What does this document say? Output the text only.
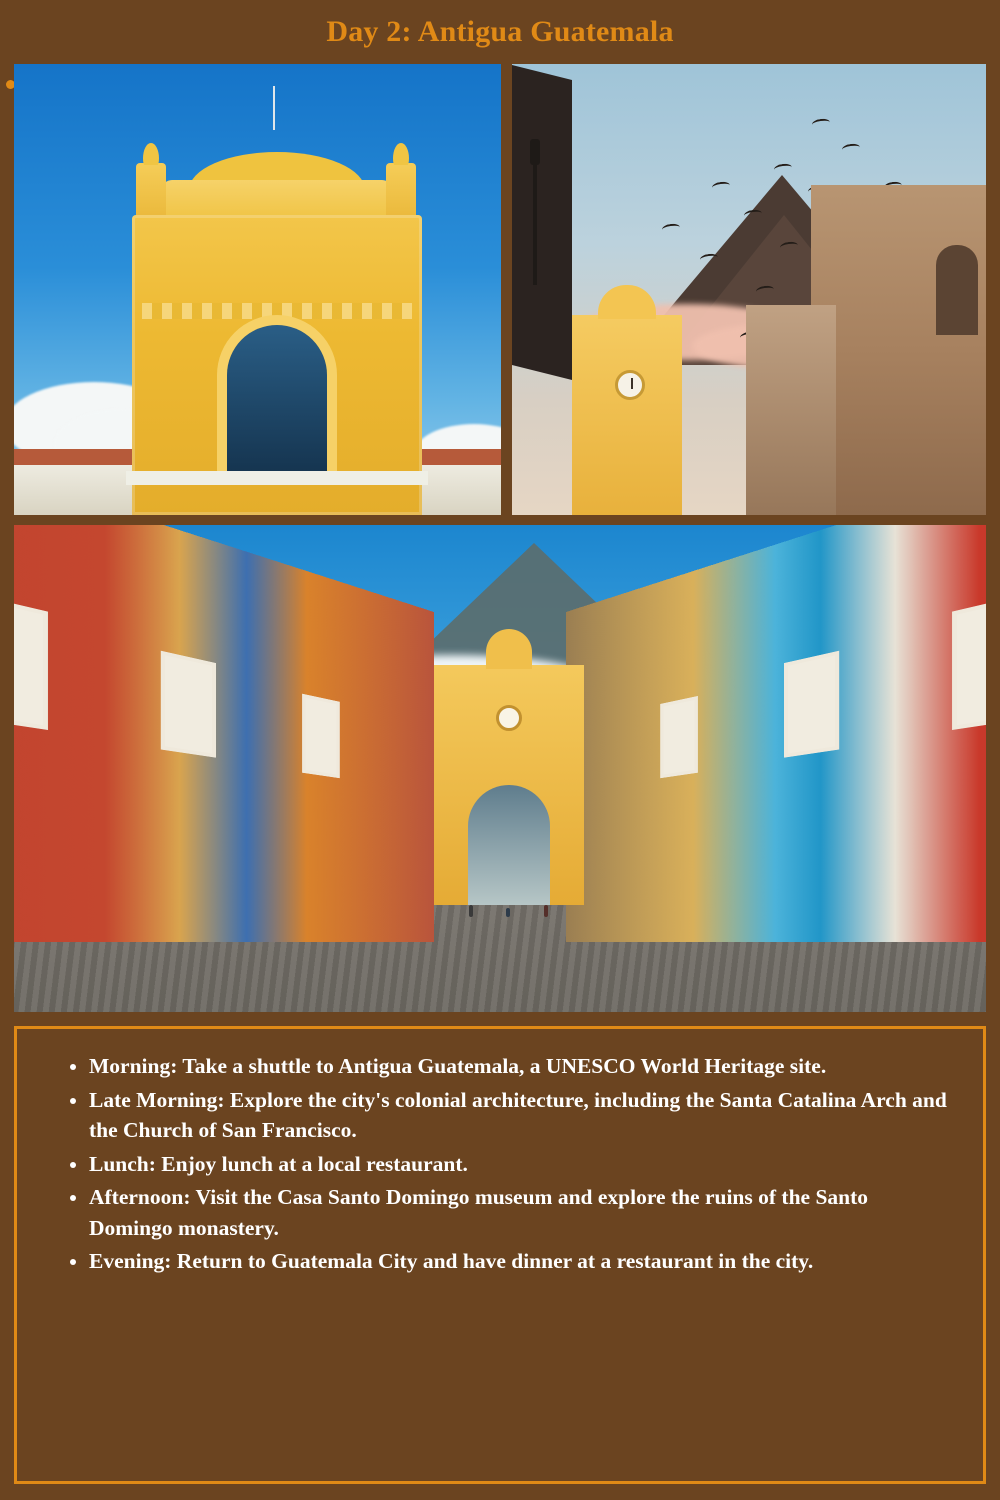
Day 2: Antigua Guatemala
• Morning: Take a shuttle to Antigua Guatemala, a UNESCO World Heritage site.
• Late Morning: Explore the city's colonial architecture, including the Santa Catalina Arch and the Church of San Francisco.
• Lunch: Enjoy lunch at a local restaurant.
• Afternoon: Visit the Casa Santo Domingo museum and explore the ruins of the Santo Domingo monastery.
• Evening: Return to Guatemala City and have dinner at a restaurant in the city.
